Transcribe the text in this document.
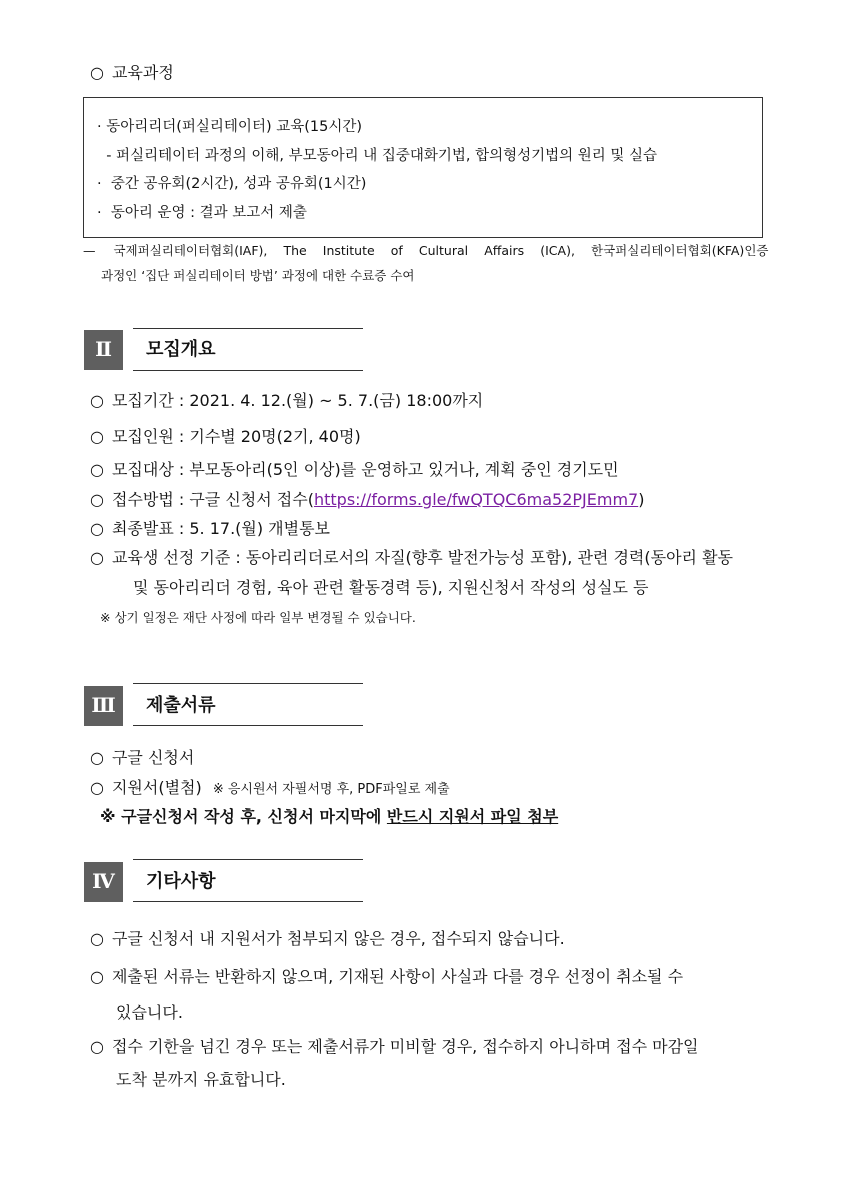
○ 교육과정
· 동아리리더(퍼실리테이터) 교육(15시간)
- 퍼실리테이터 과정의 이해, 부모동아리 내 집중대화기법, 합의형성기법의 원리 및 실습
·  중간 공유회(2시간), 성과 공유회(1시간)
·  동아리 운영 : 결과 보고서 제출
— 국제퍼실리테이터협회(IAF), The Institute of Cultural Affairs (ICA), 한국퍼실리테이터협회(KFA)인증
과정인 ‘집단 퍼실리테이터 방법’ 과정에 대한 수료증 수여
Ⅱ	모집개요
○ 모집기간 : 2021. 4. 12.(월) ~ 5. 7.(금) 18:00까지
○ 모집인원 : 기수별 20명(2기, 40명)
○ 모집대상 : 부모동아리(5인 이상)를 운영하고 있거나, 계획 중인 경기도민
○ 접수방법 : 구글 신청서 접수(https://forms.gle/fwQTQC6ma52PJEmm7)
○ 최종발표 : 5. 17.(월) 개별통보
○ 교육생 선정 기준 : 동아리리더로서의 자질(향후 발전가능성 포함), 관련 경력(동아리 활동
및 동아리리더 경험, 육아 관련 활동경력 등), 지원신청서 작성의 성실도 등
※ 상기 일정은 재단 사정에 따라 일부 변경될 수 있습니다.
Ⅲ	제출서류
○ 구글 신청서
○ 지원서(별첨) ※ 응시원서 자필서명 후, PDF파일로 제출
※ 구글신청서 작성 후, 신청서 마지막에 반드시 지원서 파일 첨부
Ⅳ	기타사항
○ 구글 신청서 내 지원서가 첨부되지 않은 경우, 접수되지 않습니다.
○ 제출된 서류는 반환하지 않으며, 기재된 사항이 사실과 다를 경우 선정이 취소될 수
있습니다.
○ 접수 기한을 넘긴 경우 또는 제출서류가 미비할 경우, 접수하지 아니하며 접수 마감일
도착 분까지 유효합니다.
